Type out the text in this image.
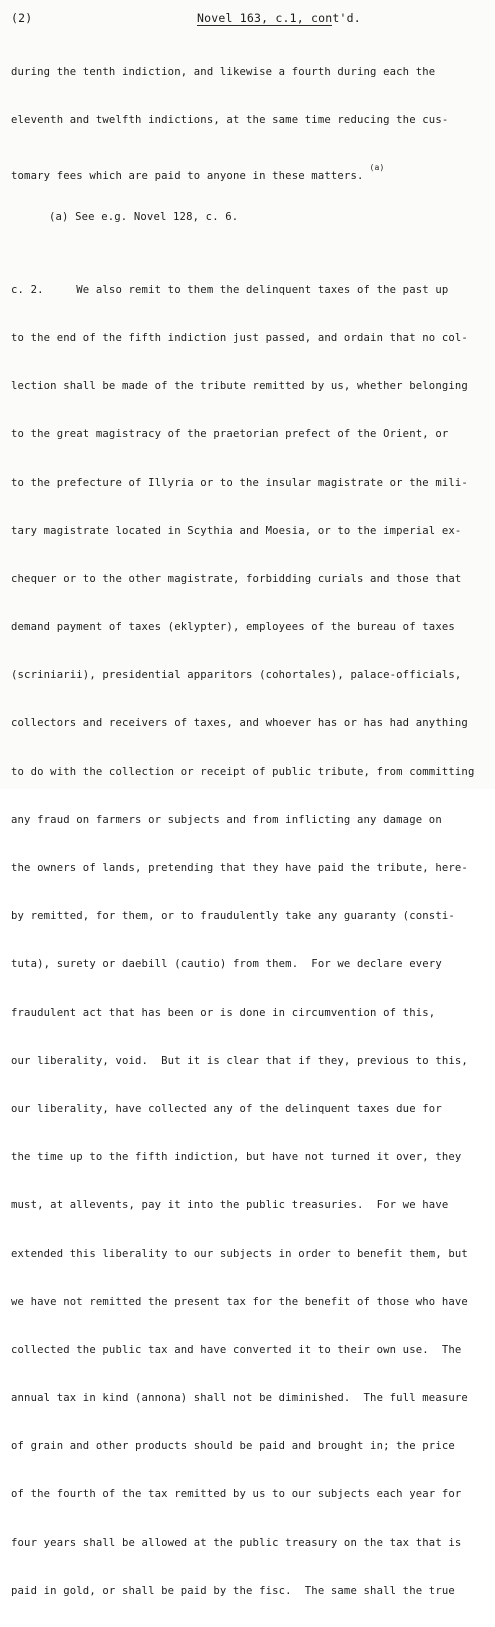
(2)	Novel 163, c.1, cont'd.

during the tenth indiction, and likewise a fourth during each the

eleventh and twelfth indictions, at the same time reducing the cus-

tomary fees which are paid to anyone in these matters.$^{(a)}$

(a) See e.g. Novel 128, c. 6.

c. 2.     We also remit to them the delinquent taxes of the past up

to the end of the fifth indiction just passed, and ordain that no col-

lection shall be made of the tribute remitted by us, whether belonging

to the great magistracy of the praetorian prefect of the Orient, or

to the prefecture of Illyria or to the insular magistrate or the mili-

tary magistrate located in Scythia and Moesia, or to the imperial ex-

chequer or to the other magistrate, forbidding curials and those that

demand payment of taxes (eklypter), employees of the bureau of taxes

(scriniarii), presidential apparitors (cohortales), palace-officials,

collectors and receivers of taxes, and whoever has or has had anything

to do with the collection or receipt of public tribute, from committing

any fraud on farmers or subjects and from inflicting any damage on

the owners of lands, pretending that they have paid the tribute, here-

by remitted, for them, or to fraudulently take any guaranty (consti-

tuta), surety or daebill (cautio) from them.  For we declare every

fraudulent act that has been or is done in circumvention of this,

our liberality, void.  But it is clear that if they, previous to this,

our liberality, have collected any of the delinquent taxes due for

the time up to the fifth indiction, but have not turned it over, they

must, at allevents, pay it into the public treasuries.  For we have

extended this liberality to our subjects in order to benefit them, but

we have not remitted the present tax for the benefit of those who have

collected the public tax and have converted it to their own use.  The

annual tax in kind (annona) shall not be diminished.  The full measure

of grain and other products should be paid and brought in; the price

of the fourth of the tax remitted by us to our subjects each year for

four years shall be allowed at the public treasury on the tax that is

paid in gold, or shall be paid by the fisc.  The same shall the true
